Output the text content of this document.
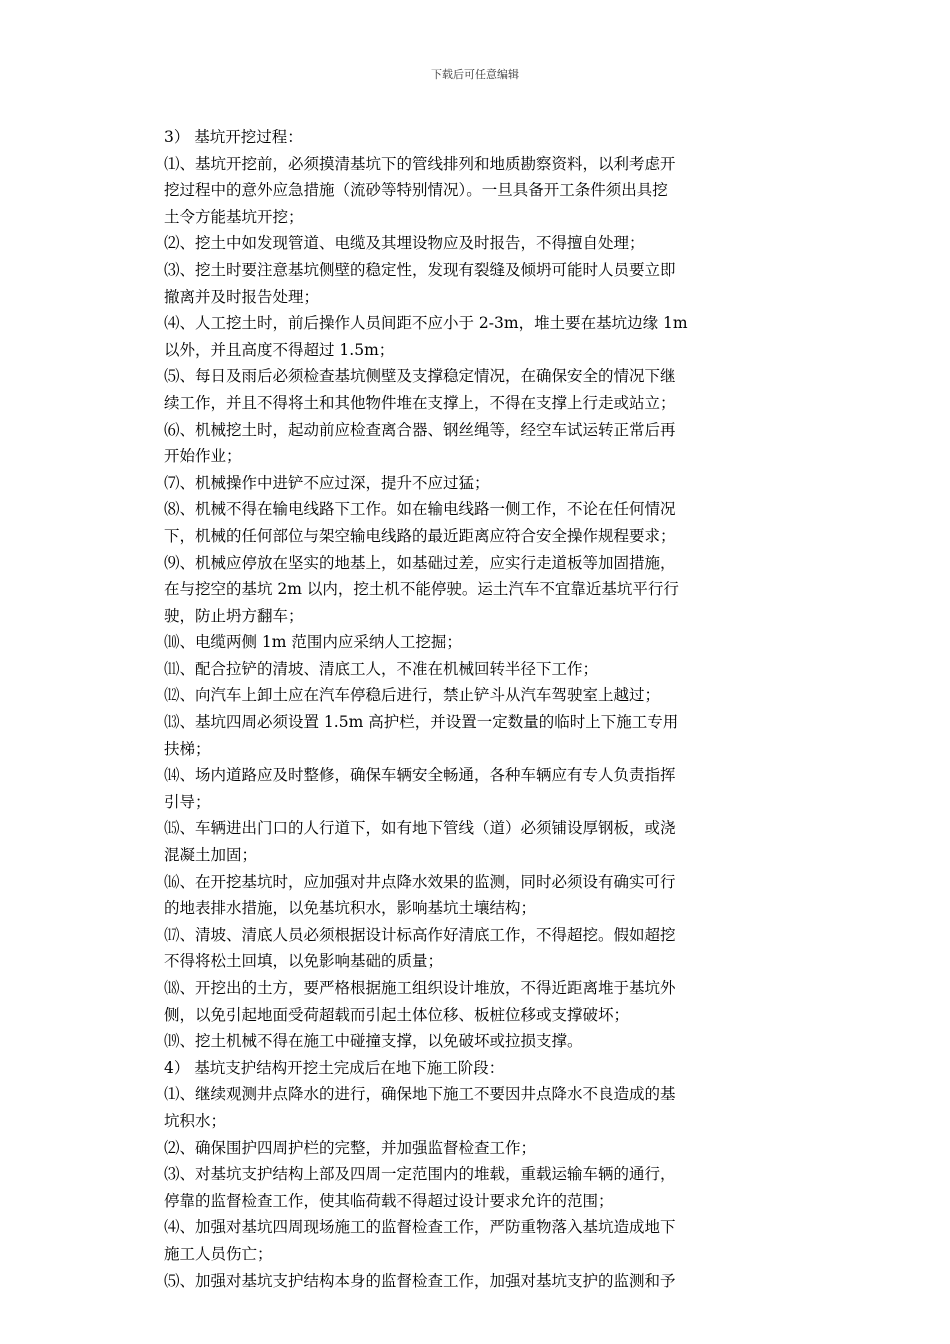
下载后可任意编辑
3） 基坑开挖过程：
⑴、基坑开挖前，必须摸清基坑下的管线排列和地质勘察资料，以利考虑开
挖过程中的意外应急措施（流砂等特别情况）。一旦具备开工条件须出具挖
土令方能基坑开挖；
⑵、挖土中如发现管道、电缆及其埋设物应及时报告，不得擅自处理；
⑶、挖土时要注意基坑侧壁的稳定性，发现有裂缝及倾坍可能时人员要立即
撤离并及时报告处理；
⑷、人工挖土时，前后操作人员间距不应小于 2-3m，堆土要在基坑边缘 1m
以外，并且高度不得超过 1.5m；
⑸、每日及雨后必须检查基坑侧壁及支撑稳定情况，在确保安全的情况下继
续工作，并且不得将土和其他物件堆在支撑上，不得在支撑上行走或站立；
⑹、机械挖土时，起动前应检查离合器、钢丝绳等，经空车试运转正常后再
开始作业；
⑺、机械操作中进铲不应过深，提升不应过猛；
⑻、机械不得在输电线路下工作。如在输电线路一侧工作，不论在任何情况
下，机械的任何部位与架空输电线路的最近距离应符合安全操作规程要求；
⑼、机械应停放在坚实的地基上，如基础过差，应实行走道板等加固措施，
在与挖空的基坑 2m 以内，挖土机不能停驶。运土汽车不宜靠近基坑平行行
驶，防止坍方翻车；
⑽、电缆两侧 1m 范围内应采纳人工挖掘；
⑾、配合拉铲的清坡、清底工人，不准在机械回转半径下工作；
⑿、向汽车上卸土应在汽车停稳后进行，禁止铲斗从汽车驾驶室上越过；
⒀、基坑四周必须设置 1.5m 高护栏，并设置一定数量的临时上下施工专用
扶梯；
⒁、场内道路应及时整修，确保车辆安全畅通，各种车辆应有专人负责指挥
引导；
⒂、车辆进出门口的人行道下，如有地下管线（道）必须铺设厚钢板，或浇
混凝土加固；
⒃、在开挖基坑时，应加强对井点降水效果的监测，同时必须设有确实可行
的地表排水措施，以免基坑积水，影响基坑土壤结构；
⒄、清坡、清底人员必须根据设计标高作好清底工作，不得超挖。假如超挖
不得将松土回填，以免影响基础的质量；
⒅、开挖出的土方，要严格根据施工组织设计堆放，不得近距离堆于基坑外
侧，以免引起地面受荷超载而引起土体位移、板桩位移或支撑破坏；
⒆、挖土机械不得在施工中碰撞支撑，以免破坏或拉损支撑。
4） 基坑支护结构开挖土完成后在地下施工阶段：
⑴、继续观测井点降水的进行，确保地下施工不要因井点降水不良造成的基
坑积水；
⑵、确保围护四周护栏的完整，并加强监督检查工作；
⑶、对基坑支护结构上部及四周一定范围内的堆载，重载运输车辆的通行，
停靠的监督检查工作，使其临荷载不得超过设计要求允许的范围；
⑷、加强对基坑四周现场施工的监督检查工作，严防重物落入基坑造成地下
施工人员伤亡；
⑸、加强对基坑支护结构本身的监督检查工作，加强对基坑支护的监测和予
